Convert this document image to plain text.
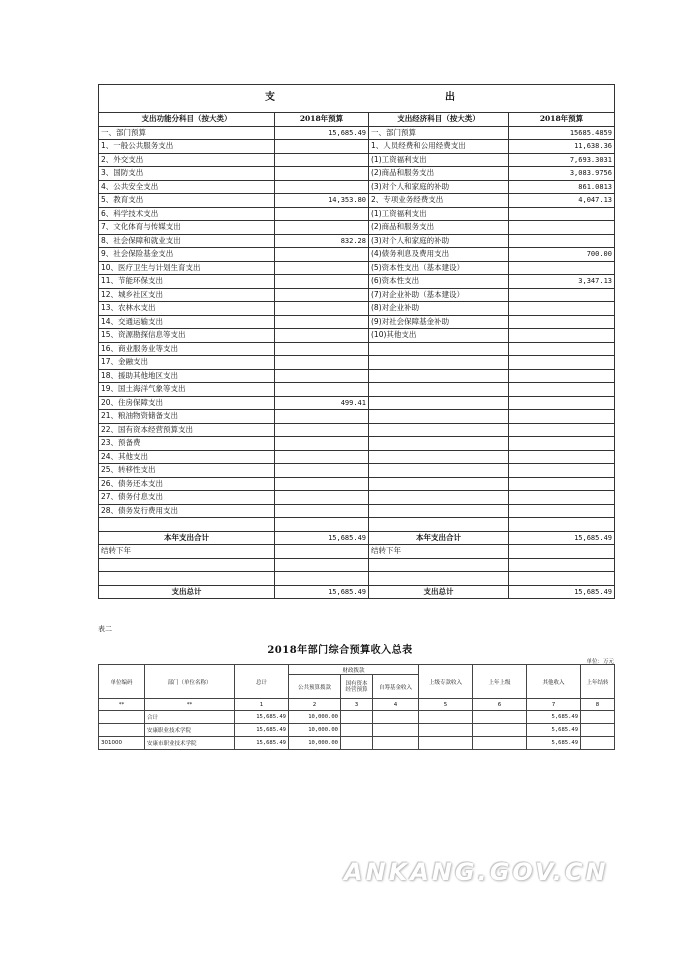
支 出			

支出功能分科目（按大类）	2018年预算	支出经济科目（按大类）	2018年预算
一、部门预算	15,685.49	一、部门预算	15685.4859
1、一般公共服务支出		1、人员经费和公用经费支出	11,638.36
2、外交支出		(1)工资福利支出	7,693.3031
3、国防支出		(2)商品和服务支出	3,083.9756
4、公共安全支出		(3)对个人和家庭的补助	861.0813
5、教育支出	14,353.80	2、专项业务经费支出	4,047.13
6、科学技术支出		(1)工资福利支出	
7、文化体育与传媒支出		(2)商品和服务支出	
8、社会保障和就业支出	832.28	(3)对个人和家庭的补助	
9、社会保险基金支出		(4)债务利息及费用支出	700.00
10、医疗卫生与计划生育支出		(5)资本性支出（基本建设）	
11、节能环保支出		(6)资本性支出	3,347.13
12、城乡社区支出		(7)对企业补助（基本建设）	
13、农林水支出		(8)对企业补助	
14、交通运输支出		(9)对社会保障基金补助	
15、资源勘探信息等支出		(10)其他支出	
16、商业服务业等支出			
17、金融支出			
18、援助其他地区支出			
19、国土海洋气象等支出			
20、住房保障支出	499.41		
21、粮油物资储备支出			
22、国有资本经营预算支出			
23、预备费			
24、其他支出			
25、转移性支出			
26、债务还本支出			
27、债务付息支出			
28、债务发行费用支出			

本年支出合计	15,685.49	本年支出合计	15,685.49
结转下年		结转下年	

支出总计	15,685.49	支出总计	15,685.49
表二
2018年部门综合预算收入总表
单位：万元
单位编码	部门（单位名称）	总计	财政拨款			上级专款收入	上年上级	其他收入	上年结转
			公共预算拨款	国有资本经营预算	自筹基金收入				
**	**	1	2	3	4	5	6	7	8
	合计	15,685.49	10,000.00					5,685.49	
	安康职业技术学院	15,685.49	10,000.00					5,685.49	
301000	安康市职业技术学院	15,685.49	10,000.00					5,685.49	
ANKANG.GOV.CN
